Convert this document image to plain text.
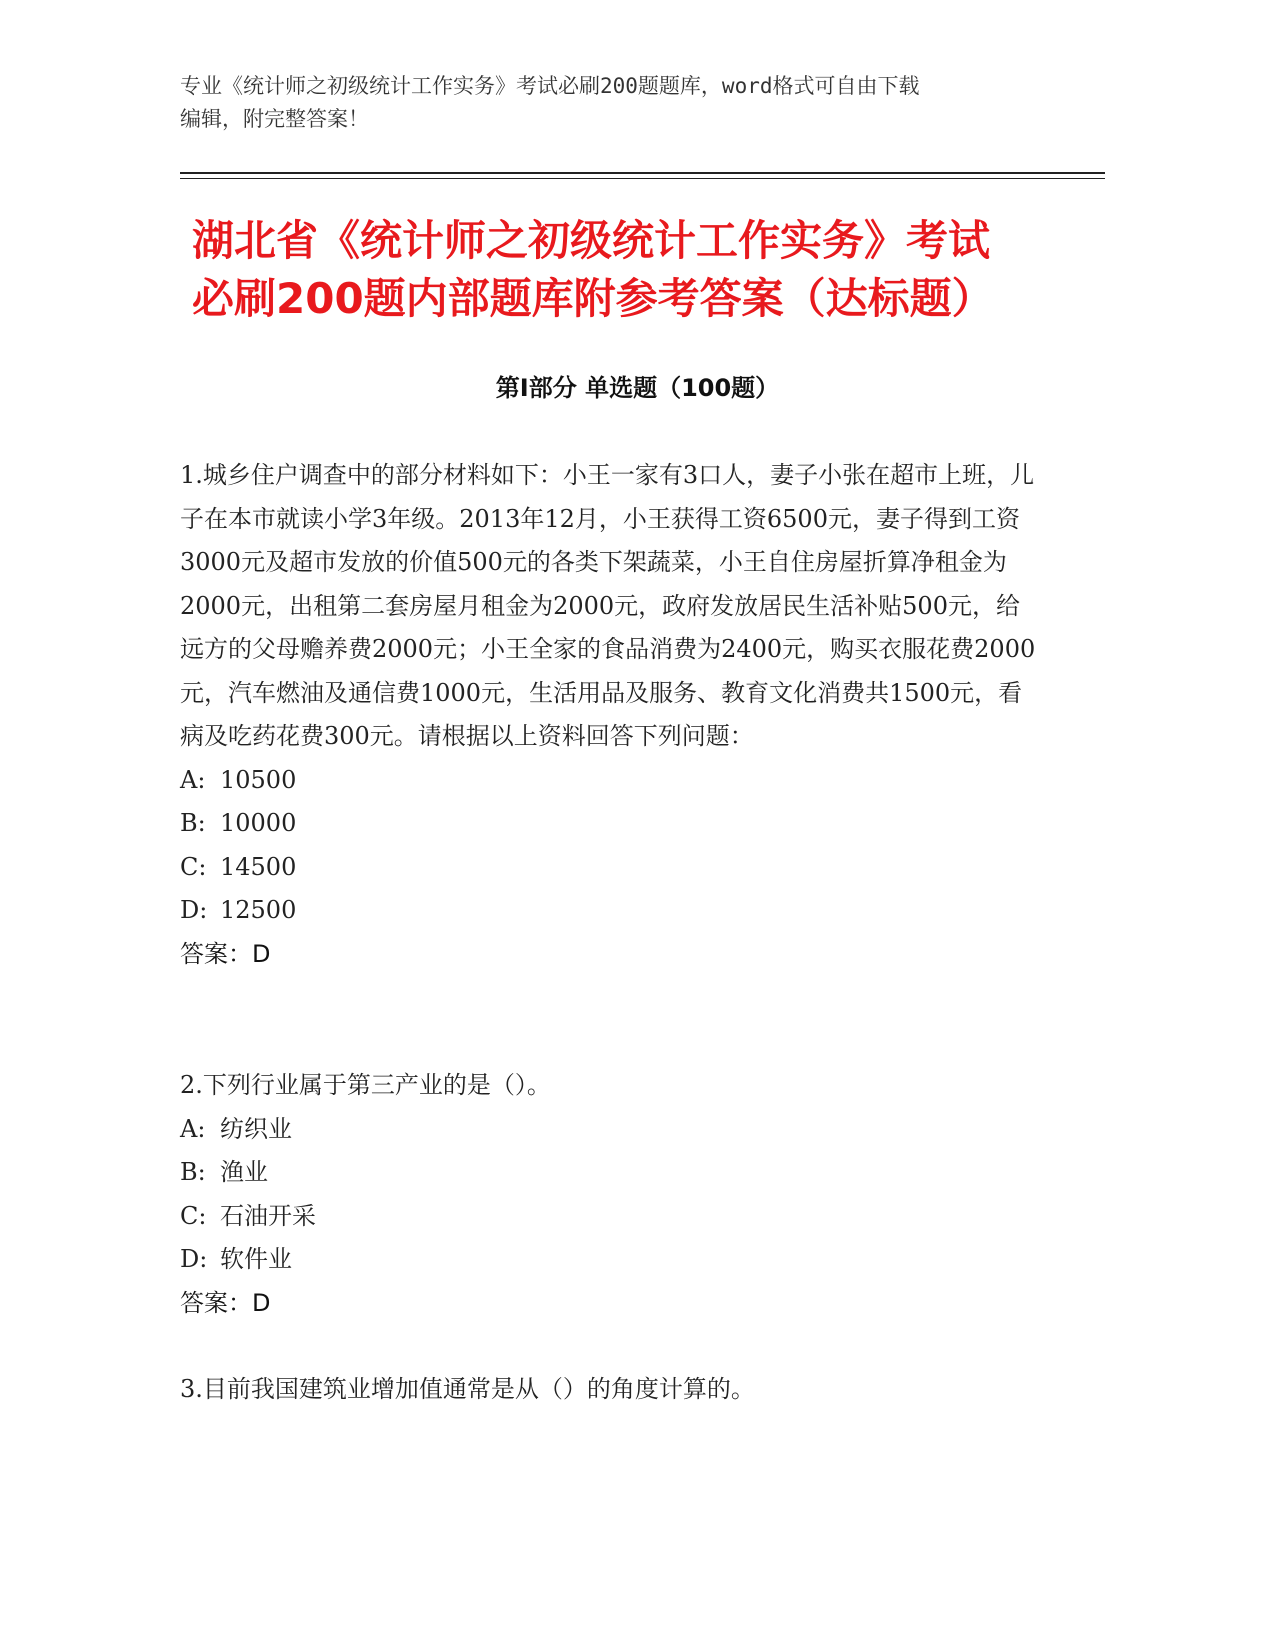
专业《统计师之初级统计工作实务》考试必刷200题题库，word格式可自由下载
编辑，附完整答案！
湖北省《统计师之初级统计工作实务》考试
必刷200题内部题库附参考答案（达标题）
第Ⅰ部分 单选题（100题）

1.城乡住户调查中的部分材料如下：小王一家有3口人，妻子小张在超市上班，儿子在本市就读小学3年级。2013年12月，小王获得工资6500元，妻子得到工资3000元及超市发放的价值500元的各类下架蔬菜，小王自住房屋折算净租金为2000元，出租第二套房屋月租金为2000元，政府发放居民生活补贴500元，给远方的父母赡养费2000元；小王全家的食品消费为2400元，购买衣服花费2000元，汽车燃油及通信费1000元，生活用品及服务、教育文化消费共1500元，看病及吃药花费300元。请根据以上资料回答下列问题：

A: 10500

B: 10000

C: 14500

D: 12500

答案：D

2.下列行业属于第三产业的是（）。

A: 纺织业

B: 渔业

C: 石油开采

D: 软件业

答案：D

3.目前我国建筑业增加值通常是从（）的角度计算的。
